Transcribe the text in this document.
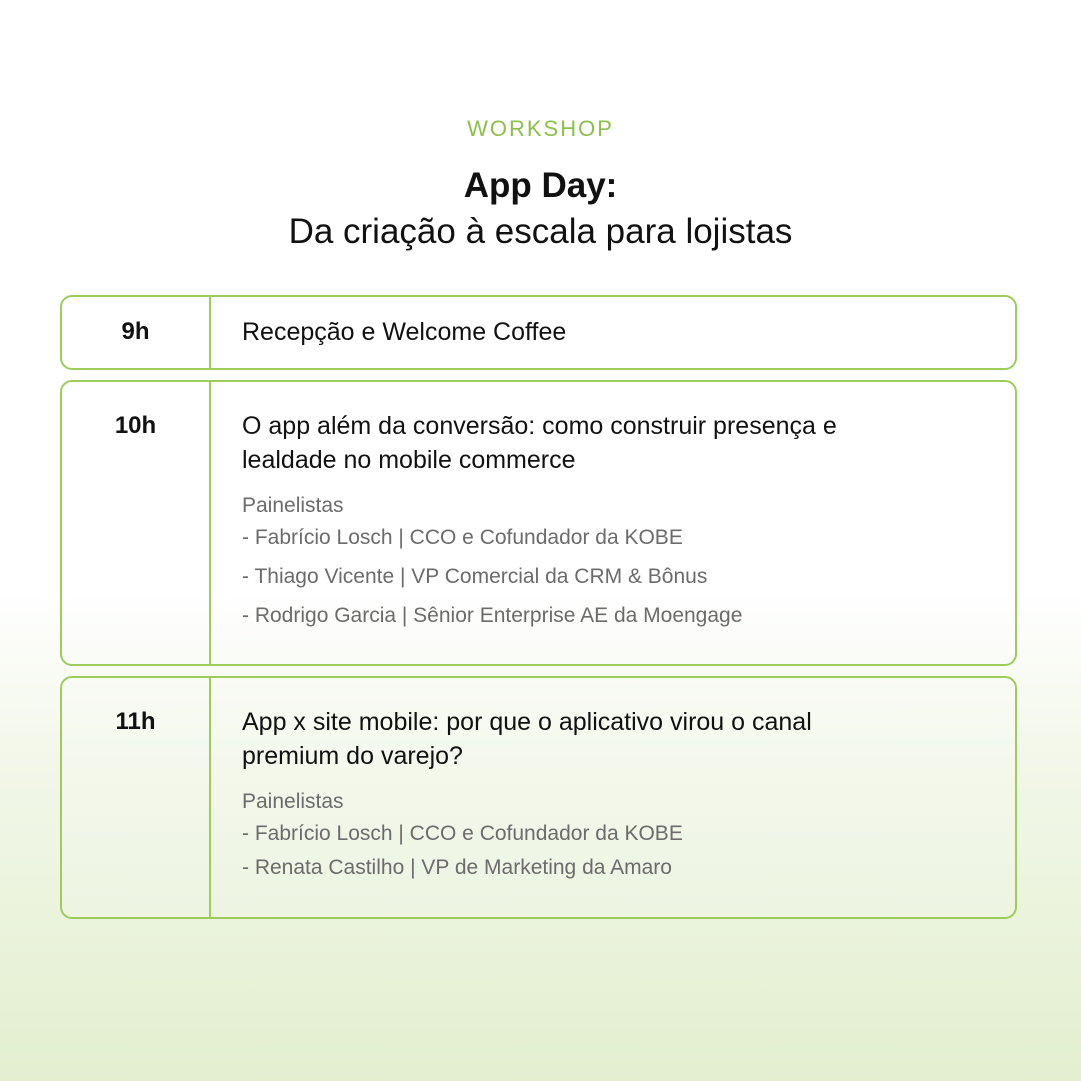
WORKSHOP
App Day:
Da criação à escala para lojistas
9h	Recepção e Welcome Coffee
10h	O app além da conversão: como construir presença e
lealdade no mobile commerce
Painelistas
- Fabrício Losch | CCO e Cofundador da KOBE
- Thiago Vicente | VP Comercial da CRM & Bônus
- Rodrigo Garcia | Sênior Enterprise AE da Moengage
11h	App x site mobile: por que o aplicativo virou o canal
premium do varejo?
Painelistas
- Fabrício Losch | CCO e Cofundador da KOBE
- Renata Castilho | VP de Marketing da Amaro
